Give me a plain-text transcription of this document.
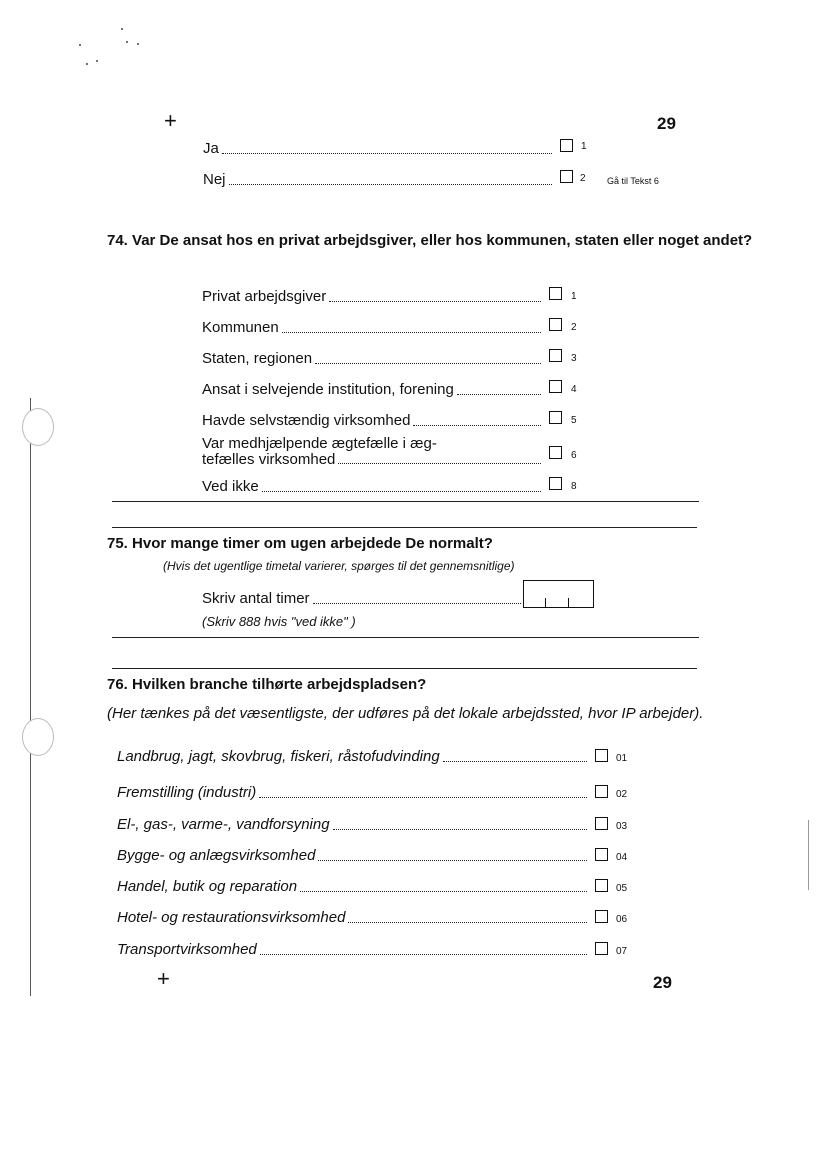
+	29
Ja	1
Nej	2 Gå til Tekst 6
74. Var De ansat hos en privat arbejdsgiver, eller hos kommunen, staten eller noget andet?
Privat arbejdsgiver	1
Kommunen	2
Staten, regionen	3
Ansat i selvejende institution, forening	4
Havde selvstændig virksomhed	5
Var medhjælpende ægtefælle i æg-
tefælles virksomhed	6
Ved ikke	8
75. Hvor mange timer om ugen arbejdede De normalt?
(Hvis det ugentlige timetal varierer, spørges til det gennemsnitlige)
Skriv antal timer
(Skriv 888 hvis "ved ikke" )
76. Hvilken branche tilhørte arbejdspladsen?
(Her tænkes på det væsentligste, der udføres på det lokale arbejdssted, hvor IP arbejder).
Landbrug, jagt, skovbrug, fiskeri, råstofudvinding	01
Fremstilling (industri)	02
El-, gas-, varme-, vandforsyning	03
Bygge- og anlægsvirksomhed	04
Handel, butik og reparation	05
Hotel- og restaurationsvirksomhed	06
Transportvirksomhed	07
+	29
